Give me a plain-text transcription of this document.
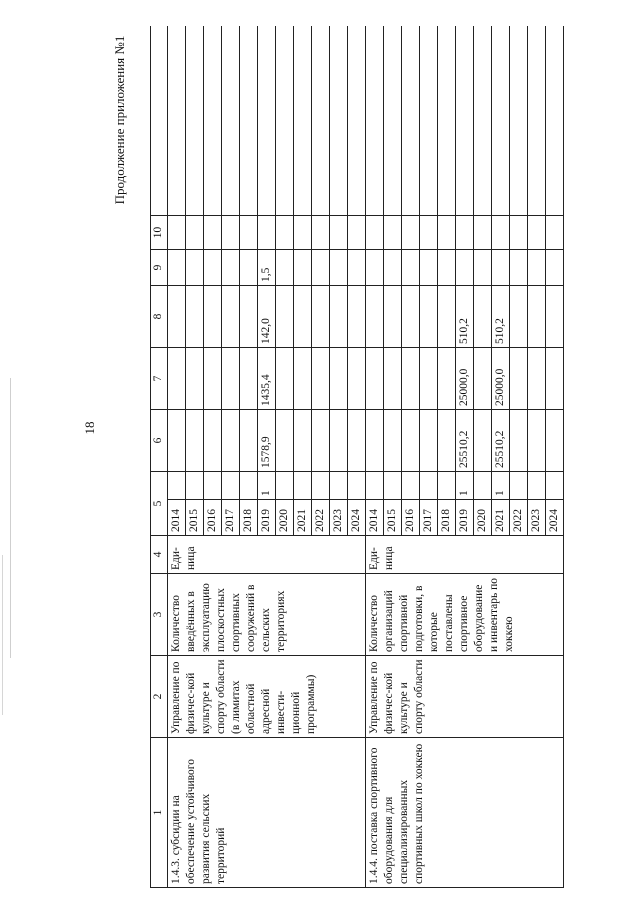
18
Продолжение приложения №1
1	2	3	4	5		6	7	8	9	10	
1.4.3. субсидии на обеспечение устойчивого развития сельских территорий	Управление по физичес-кой культуре и спорту области (в лимитах областной адресной инвести-ционной программы)	Количество введённых в эксплуатацию плоскостных спортивных сооружений в сельских территориях	Еди-ница	2014							
				2015							
				2016							
				2017							
				2018							
				2019	1	1578,9	1435,4	142,0	1,5		
				2020							
				2021							
				2022							
				2023							
				2024							
1.4.4. поставка спортивного оборудования для специализированных спортивных школ по хоккею	Управление по физичес-кой культуре и спорту области	Количество организаций спортивной подготовки, в которые поставлены спортивное оборудование и инвентарь по хоккею	Еди-ница	2014							
				2015							
				2016							
				2017							
				2018							
				2019	1	25510,2	25000,0	510,2			
				2020							
				2021	1	25510,2	25000,0	510,2			
				2022							
				2023							
				2024							
